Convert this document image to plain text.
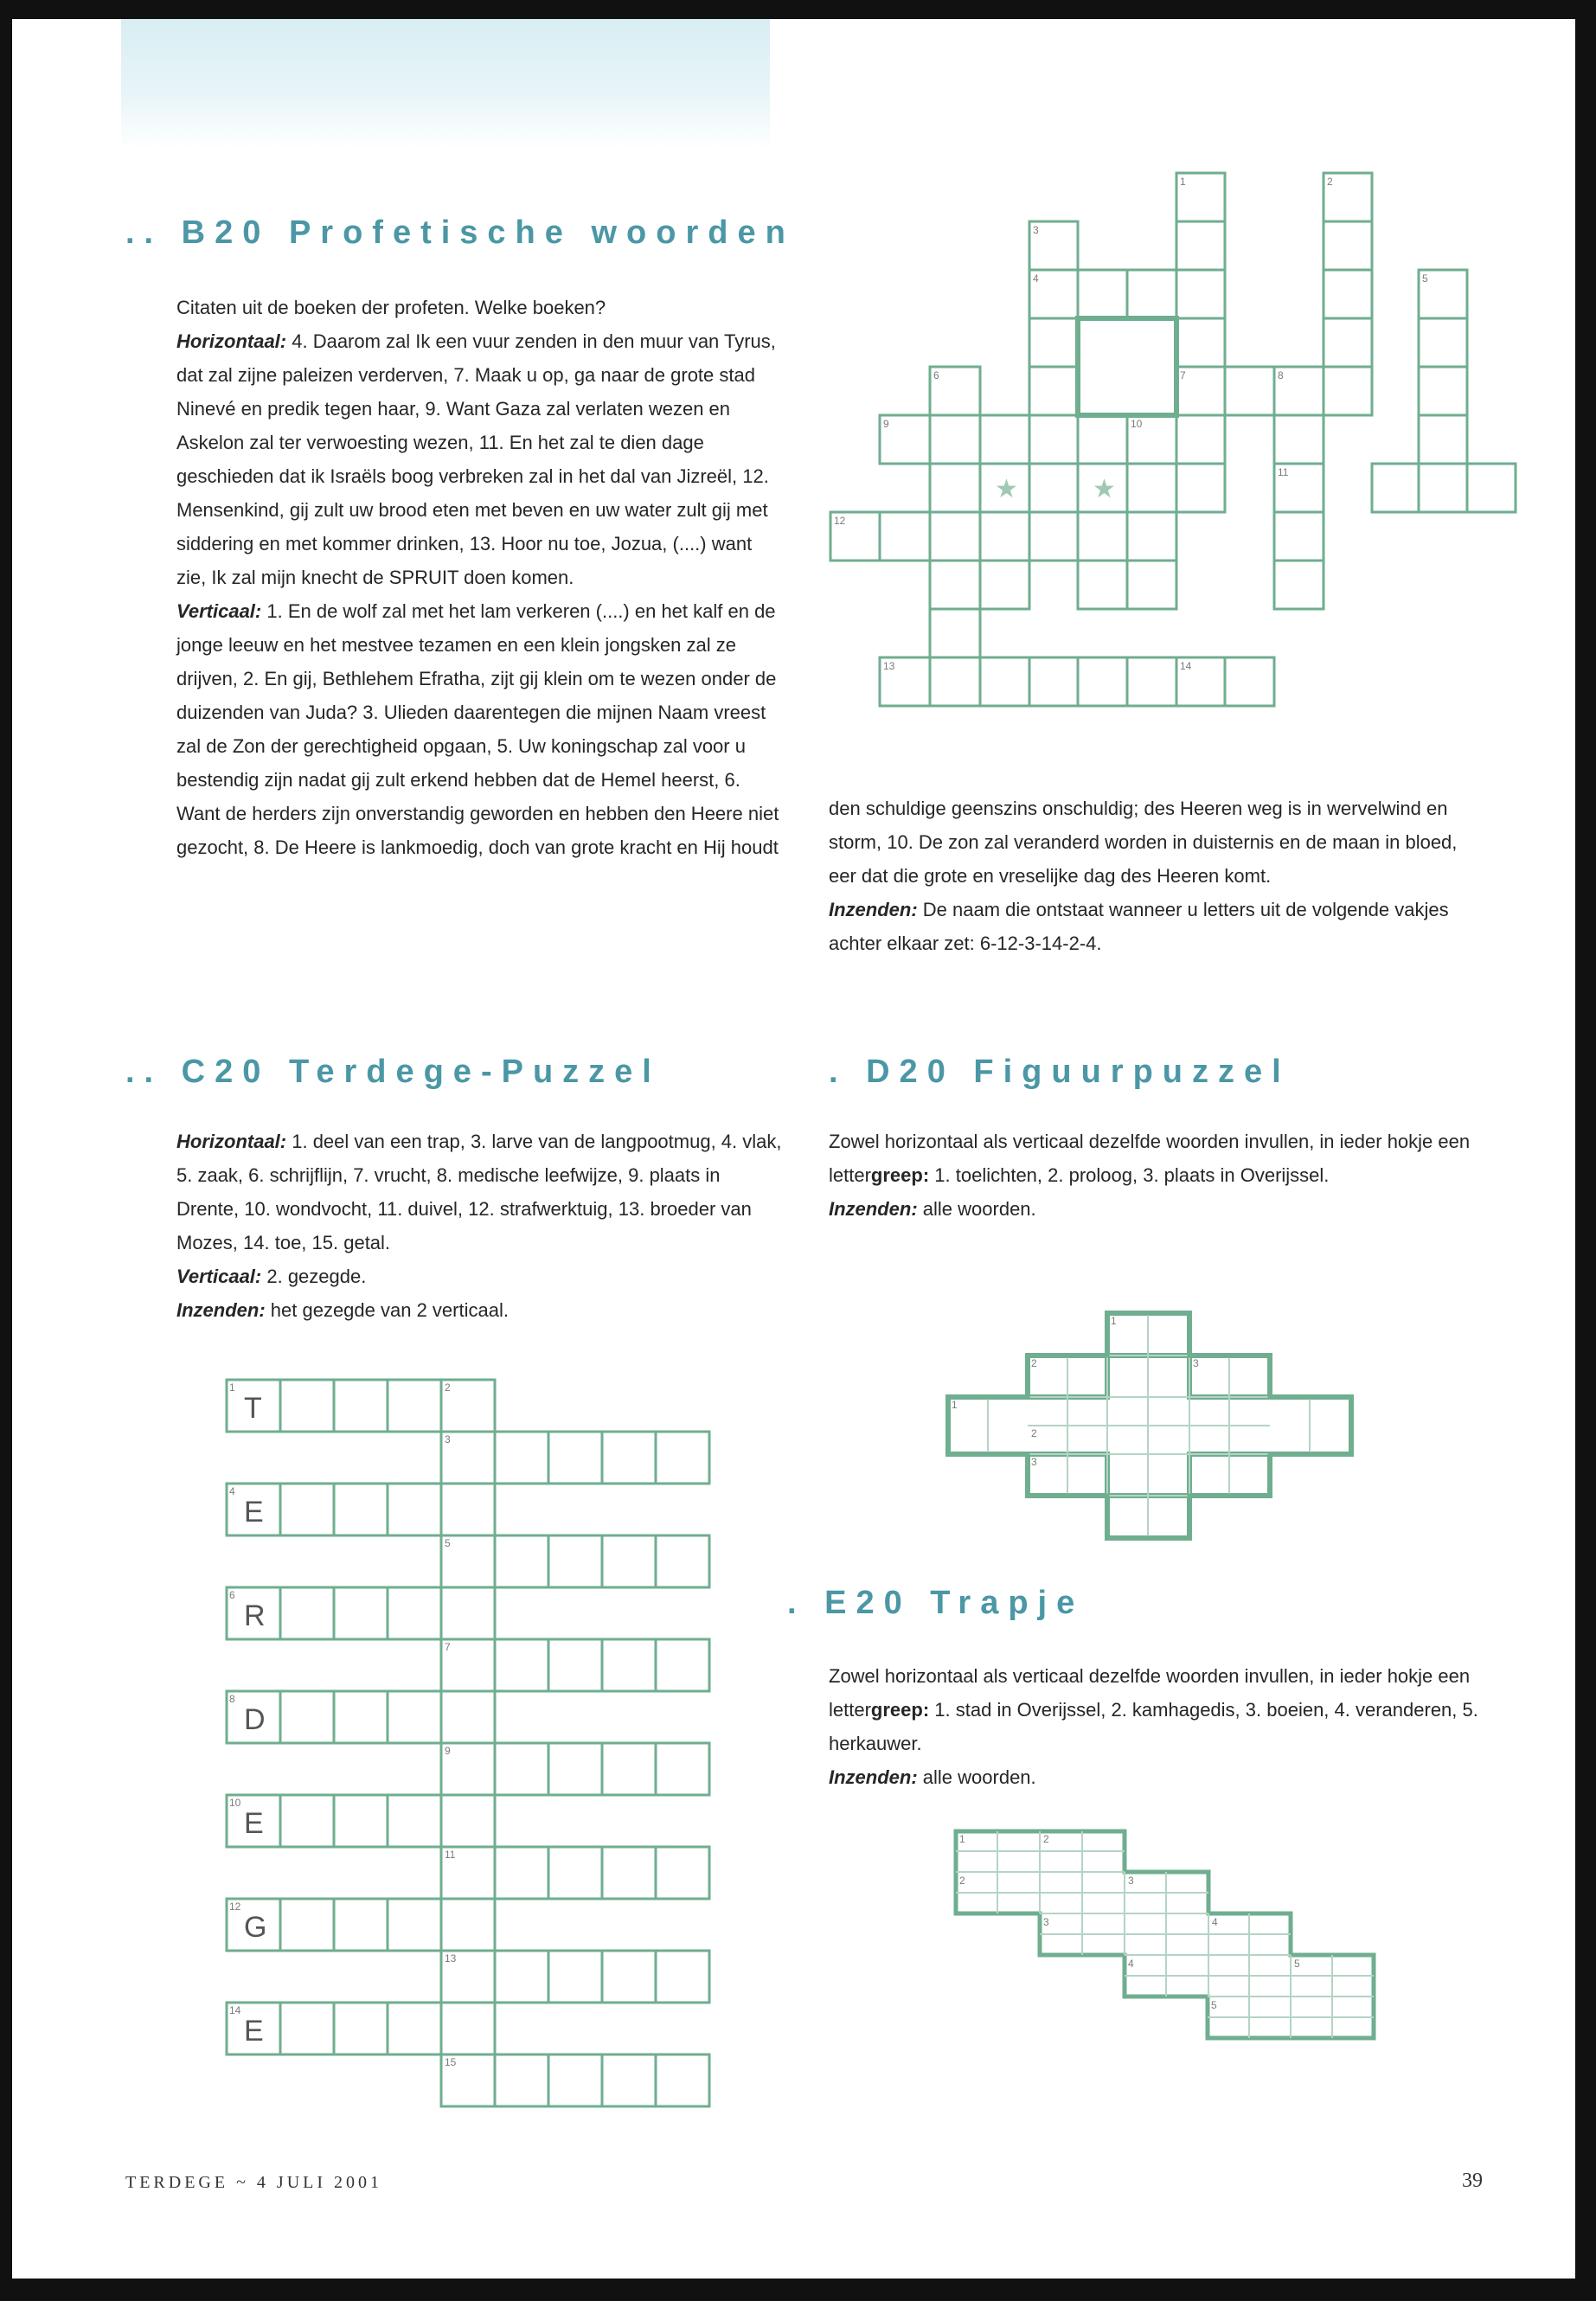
.. B20 Profetische woorden

Citaten uit de boeken der profeten. Welke boeken?

Horizontaal: 4. Daarom zal Ik een vuur zenden in den muur van Tyrus, dat zal zijne paleizen verderven, 7. Maak u op, ga naar de grote stad Ninevé en predik tegen haar, 9. Want Gaza zal verlaten wezen en Askelon zal ter verwoesting wezen, 11. En het zal te dien dage geschieden dat ik Israëls boog verbreken zal in het dal van Jizreël, 12. Mensenkind, gij zult uw brood eten met beven en uw water zult gij met siddering en met kommer drinken, 13. Hoor nu toe, Jozua, (....) want zie, Ik zal mijn knecht de SPRUIT doen komen.

Verticaal: 1. En de wolf zal met het lam verkeren (....) en het kalf en de jonge leeuw en het mestvee tezamen en een klein jongsken zal ze drijven, 2. En gij, Bethlehem Efratha, zijt gij klein om te wezen onder de duizenden van Juda? 3. Ulieden daarentegen die mijnen Naam vreest zal de Zon der gerechtigheid opgaan, 5. Uw koningschap zal voor u bestendig zijn nadat gij zult erkend hebben dat de Hemel heerst, 6. Want de herders zijn onverstandig geworden en hebben den Heere niet gezocht, 8. De Heere is lankmoedig, doch van grote kracht en Hij houdt

den schuldige geenszins onschuldig; des Heeren weg is in wervelwind en storm, 10. De zon zal veranderd worden in duisternis en de maan in bloed, eer dat die grote en vreselijke dag des Heeren komt.

Inzenden: De naam die ontstaat wanneer u letters uit de volgende vakjes achter elkaar zet: 6-12-3-14-2-4.

1	2
3
4	5
6	7	8
9	10
11
12
13	14
★	★
.. C20 Terdege-Puzzel

Horizontaal: 1. deel van een trap, 3. larve van de langpootmug, 4. vlak, 5. zaak, 6. schrijflijn, 7. vrucht, 8. medische leefwijze, 9. plaats in Drente, 10. wondvocht, 11. duivel, 12. strafwerktuig, 13. broeder van Mozes, 14. toe, 15. getal.

Verticaal: 2. gezegde.

Inzenden: het gezegde van 2 verticaal.

1	2
3
4
5
6
7
8
9
10
11
12
13
14
15
T
E
R
D
E
G
E
. D20 Figuurpuzzel

Zowel horizontaal als verticaal dezelfde woorden invullen, in ieder hokje een lettergreep: 1. toelichten, 2. proloog, 3. plaats in Overijssel.

Inzenden: alle woorden.

1
2	3
1
2
3
. E20 Trapje

Zowel horizontaal als verticaal dezelfde woorden invullen, in ieder hokje een lettergreep: 1. stad in Overijssel, 2. kamhagedis, 3. boeien, 4. veranderen, 5. herkauwer.

Inzenden: alle woorden.

1	2
2	3
3	4
4	5
5
TERDEGE ~ 4 JULI 2001	39
